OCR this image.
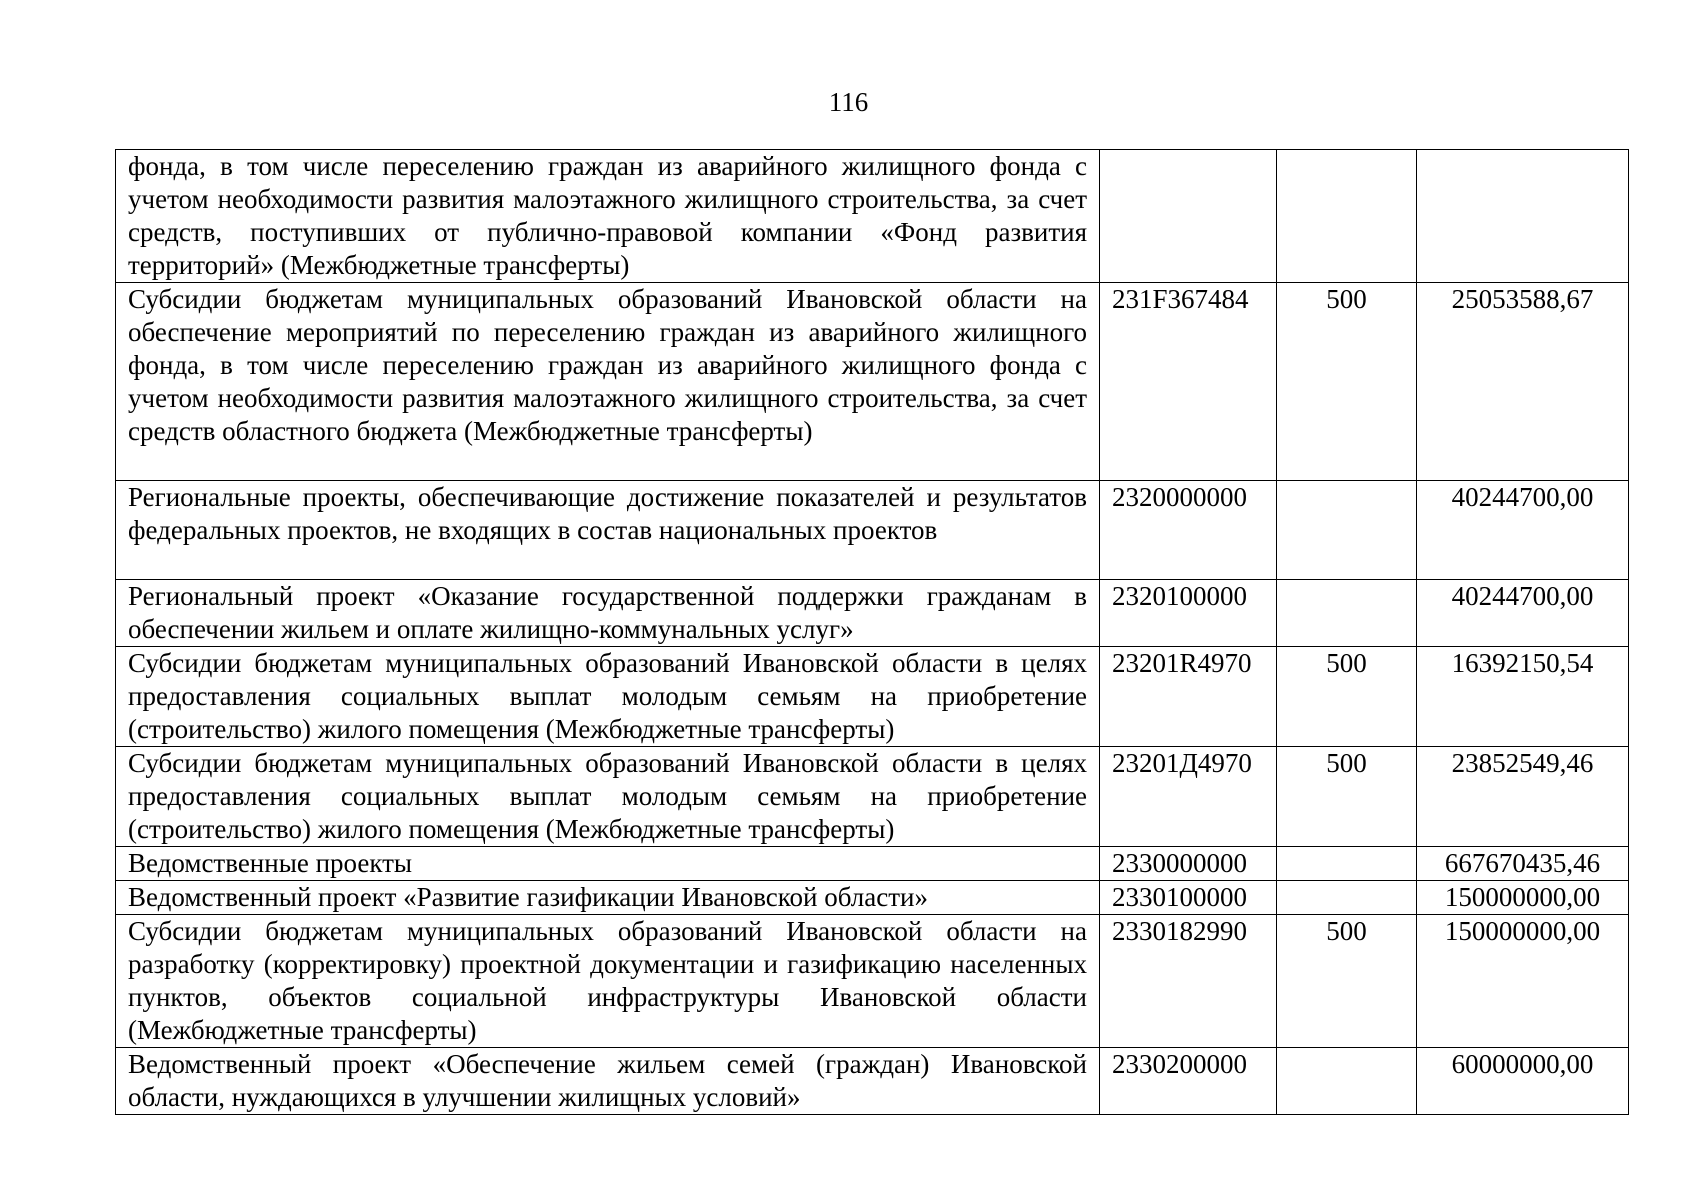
116
фонда, в том числе переселению граждан из аварийного жилищного фонда с учетом необходимости развития малоэтажного жилищного строительства, за счет средств, поступивших от публично-правовой компании «Фонд развития территорий» (Межбюджетные трансферты)			
Субсидии бюджетам муниципальных образований Ивановской области на обеспечение мероприятий по переселению граждан из аварийного жилищного фонда, в том числе переселению граждан из аварийного жилищного фонда с учетом необходимости развития малоэтажного жилищного строительства, за счет средств областного бюджета (Межбюджетные трансферты)	231F367484	500	25053588,67
Региональные проекты, обеспечивающие достижение показателей и результатов федеральных проектов, не входящих в состав национальных проектов	2320000000		40244700,00
Региональный проект «Оказание государственной поддержки гражданам в обеспечении жильем и оплате жилищно-коммунальных услуг»	2320100000		40244700,00
Субсидии бюджетам муниципальных образований Ивановской области в целях предоставления социальных выплат молодым семьям на приобретение (строительство) жилого помещения (Межбюджетные трансферты)	23201R4970	500	16392150,54
Субсидии бюджетам муниципальных образований Ивановской области в целях предоставления социальных выплат молодым семьям на приобретение (строительство) жилого помещения (Межбюджетные трансферты)	23201Д4970	500	23852549,46
Ведомственные проекты	2330000000		667670435,46
Ведомственный проект «Развитие газификации Ивановской области»	2330100000		150000000,00
Субсидии бюджетам муниципальных образований Ивановской области на разработку (корректировку) проектной документации и газификацию населенных пунктов, объектов социальной инфраструктуры Ивановской области (Межбюджетные трансферты)	2330182990	500	150000000,00
Ведомственный проект «Обеспечение жильем семей (граждан) Ивановской области, нуждающихся в улучшении жилищных условий»	2330200000		60000000,00
